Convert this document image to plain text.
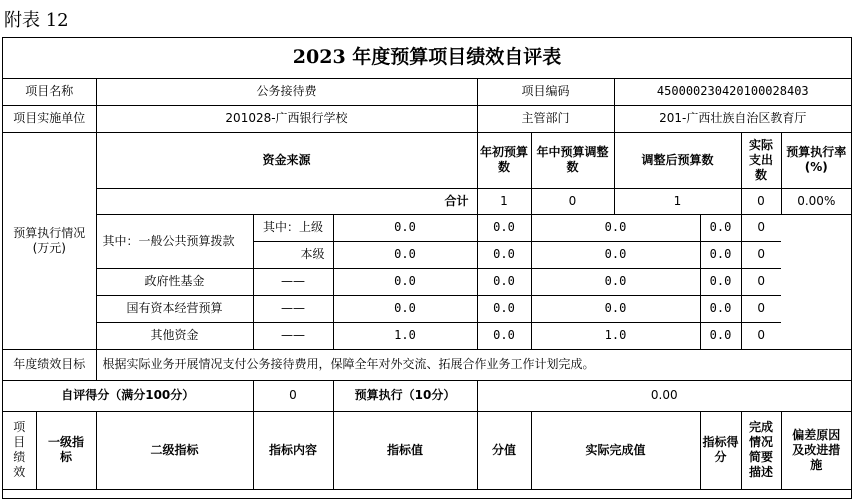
附表 12
2023 年度预算项目绩效自评表										
项目名称		公务接待费			项目编码		450000230420100028403			
项目实施单位		201028-广西银行学校			主管部门		201-广西壮族自治区教育厅			
预算执行情况
(万元)		资金来源			年初预算数	年中预算调整数	调整后预算数		实际支出数	预算执行率(%)
		合计			1	0	1		0	0.00%
		其中：一般公共预算拨款	其中：上级	0.0	0.0	0.0		0.0	0	
			本级	0.0	0.0	0.0		0.0	0	
		政府性基金	——	0.0	0.0	0.0		0.0	0	
		国有资本经营预算	——	0.0	0.0	0.0		0.0	0	
		其他资金	——	1.0	0.0	1.0		0.0	0	
年度绩效目标		根据实际业务开展情况支付公务接待费用，保障全年对外交流、拓展合作业务工作计划完成。								
自评得分（满分100分）			0	预算执行（10分）	0.00					
项目绩效	一级指标	二级指标	指标内容	指标值	分值	实际完成值		指标得分	完成情况简要描述	偏差原因及改进措施
